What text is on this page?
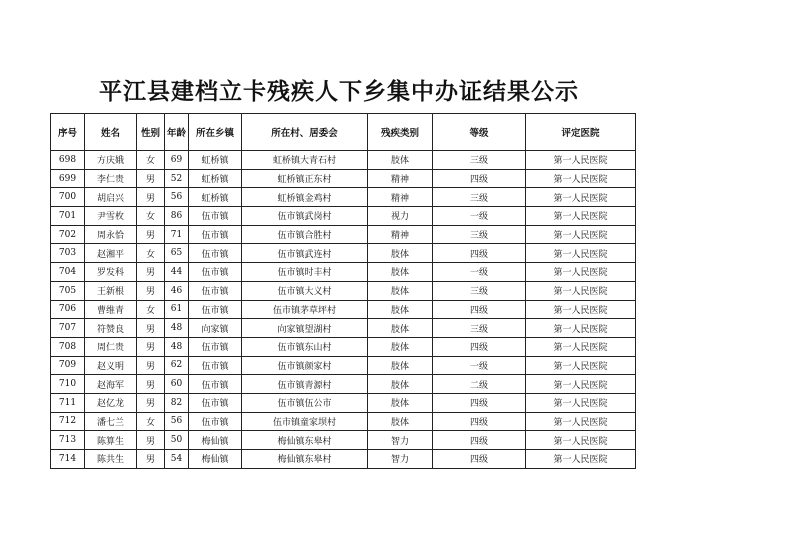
平江县建档立卡残疾人下乡集中办证结果公示
序号	姓名	性别	年龄	所在乡镇	所在村、居委会	残疾类别	等级	评定医院
698	方庆娥	女	69	虹桥镇	虹桥镇大青石村	肢体	三级	第一人民医院
699	李仁贵	男	52	虹桥镇	虹桥镇正东村	精神	四级	第一人民医院
700	胡启兴	男	56	虹桥镇	虹桥镇金鸡村	精神	三级	第一人民医院
701	尹雪枚	女	86	伍市镇	伍市镇武岗村	视力	一级	第一人民医院
702	周永恰	男	71	伍市镇	伍市镇合胜村	精神	三级	第一人民医院
703	赵湘平	女	65	伍市镇	伍市镇武连村	肢体	四级	第一人民医院
704	罗发科	男	44	伍市镇	伍市镇时丰村	肢体	一级	第一人民医院
705	王新根	男	46	伍市镇	伍市镇大义村	肢体	三级	第一人民医院
706	曹维青	女	61	伍市镇	伍市镇茅草坪村	肢体	四级	第一人民医院
707	符赞良	男	48	向家镇	向家镇望湖村	肢体	三级	第一人民医院
708	周仁贵	男	48	伍市镇	伍市镇东山村	肢体	四级	第一人民医院
709	赵义明	男	62	伍市镇	伍市镇颜家村	肢体	一级	第一人民医院
710	赵海军	男	60	伍市镇	伍市镇青源村	肢体	二级	第一人民医院
711	赵亿龙	男	82	伍市镇	伍市镇伍公市	肢体	四级	第一人民医院
712	潘七兰	女	56	伍市镇	伍市镇童家坝村	肢体	四级	第一人民医院
713	陈算生	男	50	梅仙镇	梅仙镇东皋村	智力	四级	第一人民医院
714	陈共生	男	54	梅仙镇	梅仙镇东皋村	智力	四级	第一人民医院
